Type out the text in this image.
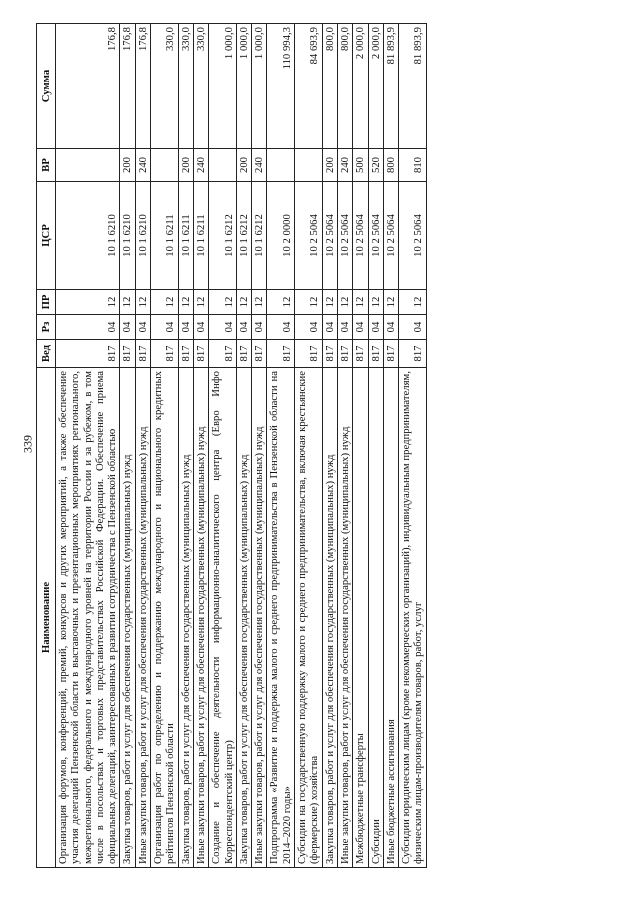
339
Наименование	Вед	Рз	ПР	ЦСР	ВР	Сумма
Организация форумов, конференций, премий, конкурсов и других мероприятий, а также обеспечение участия делегаций Пензенской области в выставочных и презентационных мероприятиях регионального, межрегионального, федерального и международного уровней на территории России и за рубежом, в том числе в посольствах и торговых представительствах Российской Федерации. Обеспечение приема официальных делегаций, заинтересованных в развитии сотрудничества с Пензенской областью	817	04	12	10 1 6210		176,8
Закупка товаров, работ и услуг для обеспечения государственных (муниципальных) нужд	817	04	12	10 1 6210	200	176,8
Иные закупки товаров, работ и услуг для обеспечения государственных (муниципальных) нужд	817	04	12	10 1 6210	240	176,8
Организация работ по определению и поддержанию международного и национального кредитных рейтингов Пензенской области	817	04	12	10 1 6211		330,0
Закупка товаров, работ и услуг для обеспечения государственных (муниципальных) нужд	817	04	12	10 1 6211	200	330,0
Иные закупки товаров, работ и услуг для обеспечения государственных (муниципальных) нужд	817	04	12	10 1 6211	240	330,0
Создание и обеспечение деятельности информационно-аналитического центра (Евро Инфо Корреспондентский центр)	817	04	12	10 1 6212		1 000,0
Закупка товаров, работ и услуг для обеспечения государственных (муниципальных) нужд	817	04	12	10 1 6212	200	1 000,0
Иные закупки товаров, работ и услуг для обеспечения государственных (муниципальных) нужд	817	04	12	10 1 6212	240	1 000,0
Подпрограмма «Развитие и поддержка малого и среднего предпринимательства в Пензенской области на 2014–2020 годы»	817	04	12	10 2 0000		110 994,3
Субсидии на государственную поддержку малого и среднего предпринимательства, включая крестьянские (фермерские) хозяйства	817	04	12	10 2 5064		84 693,9
Закупка товаров, работ и услуг для обеспечения государственных (муниципальных) нужд	817	04	12	10 2 5064	200	800,0
Иные закупки товаров, работ и услуг для обеспечения государственных (муниципальных) нужд	817	04	12	10 2 5064	240	800,0
Межбюджетные трансферты	817	04	12	10 2 5064	500	2 000,0
Субсидии	817	04	12	10 2 5064	520	2 000,0
Иные бюджетные ассигнования	817	04	12	10 2 5064	800	81 893,9
Субсидии юридическим лицам (кроме некоммерческих организаций), индивидуальным предпринимателям, физическим лицам-производителям товаров, работ, услуг	817	04	12	10 2 5064	810	81 893,9
